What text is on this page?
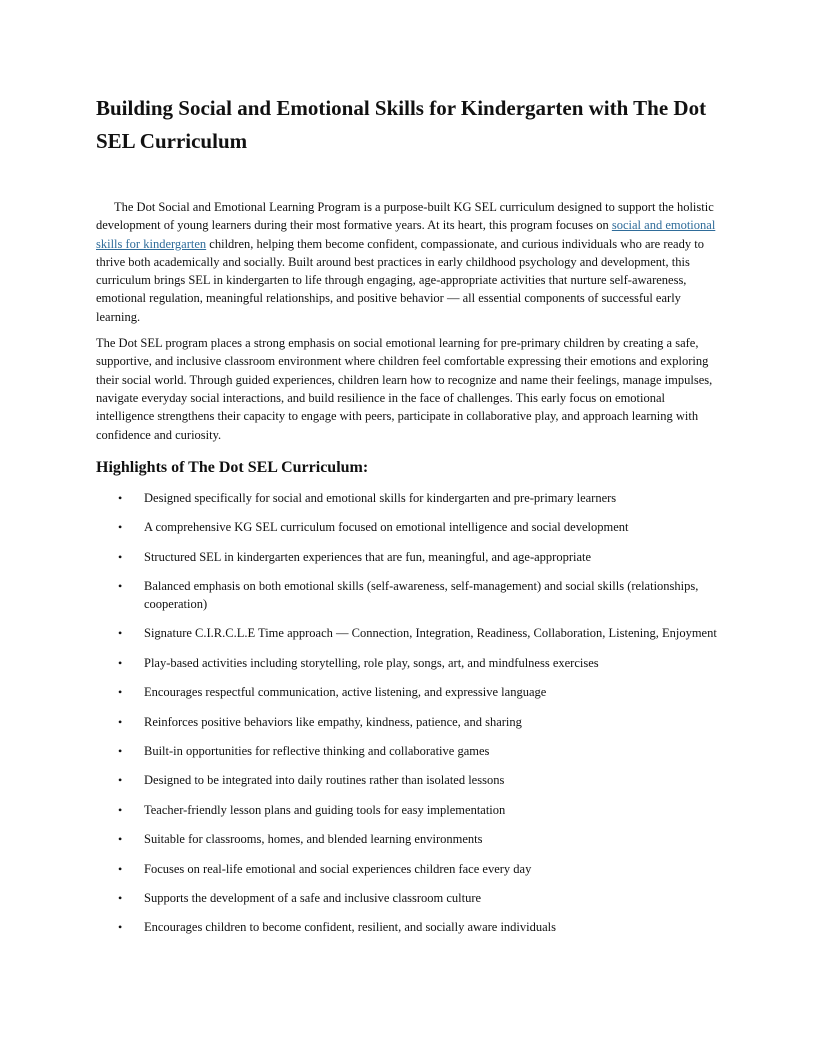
Building Social and Emotional Skills for Kindergarten with The Dot SEL Curriculum

The Dot Social and Emotional Learning Program is a purpose-built KG SEL curriculum designed to support the holistic development of young learners during their most formative years. At its heart, this program focuses on social and emotional skills for kindergarten children, helping them become confident, compassionate, and curious individuals who are ready to thrive both academically and socially. Built around best practices in early childhood psychology and development, this curriculum brings SEL in kindergarten to life through engaging, age-appropriate activities that nurture self-awareness, emotional regulation, meaningful relationships, and positive behavior — all essential components of successful early learning.

The Dot SEL program places a strong emphasis on social emotional learning for pre-primary children by creating a safe, supportive, and inclusive classroom environment where children feel comfortable expressing their emotions and exploring their social world. Through guided experiences, children learn how to recognize and name their feelings, manage impulses, navigate everyday social interactions, and build resilience in the face of challenges. This early focus on emotional intelligence strengthens their capacity to engage with peers, participate in collaborative play, and approach learning with confidence and curiosity.

Highlights of The Dot SEL Curriculum:
• Designed specifically for social and emotional skills for kindergarten and pre-primary learners
• A comprehensive KG SEL curriculum focused on emotional intelligence and social development
• Structured SEL in kindergarten experiences that are fun, meaningful, and age-appropriate
• Balanced emphasis on both emotional skills (self-awareness, self-management) and social skills (relationships, cooperation)
• Signature C.I.R.C.L.E Time approach — Connection, Integration, Readiness, Collaboration, Listening, Enjoyment
• Play-based activities including storytelling, role play, songs, art, and mindfulness exercises
• Encourages respectful communication, active listening, and expressive language
• Reinforces positive behaviors like empathy, kindness, patience, and sharing
• Built-in opportunities for reflective thinking and collaborative games
• Designed to be integrated into daily routines rather than isolated lessons
• Teacher-friendly lesson plans and guiding tools for easy implementation
• Suitable for classrooms, homes, and blended learning environments
• Focuses on real-life emotional and social experiences children face every day
• Supports the development of a safe and inclusive classroom culture
• Encourages children to become confident, resilient, and socially aware individuals
